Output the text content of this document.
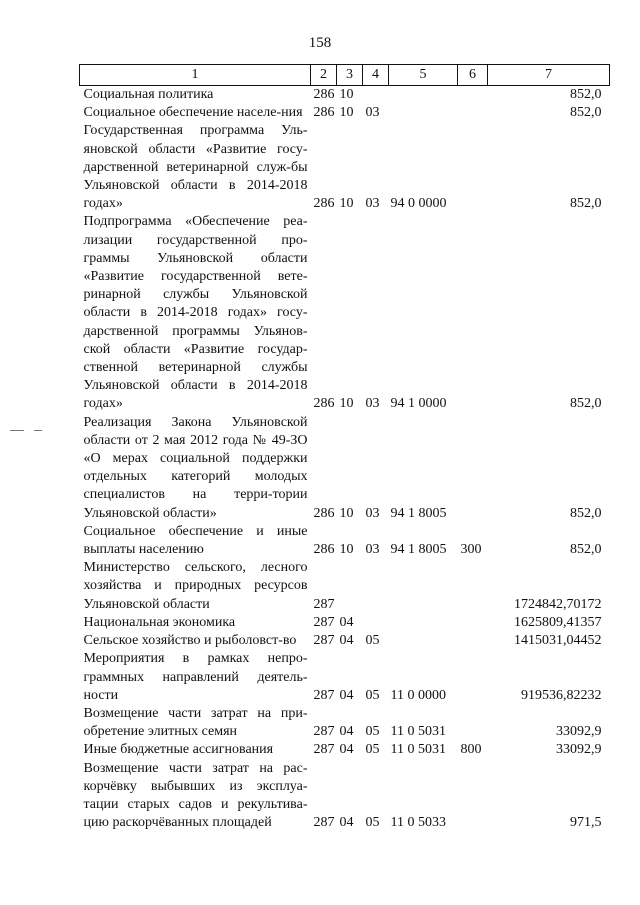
158
1	2	3	4	5	6	7
Социальная политика	286	10				852,0
Социальное обеспечение населе-ния	286	10	03			852,0
Государственная программа Уль-яновской области «Развитие госу-дарственной ветеринарной служ-бы Ульяновской области в 2014-2018 годах»	286	10	03	94 0 0000		852,0
Подпрограмма «Обеспечение реа-лизации государственной про-граммы Ульяновской области «Развитие государственной вете-ринарной службы Ульяновской области в 2014-2018 годах» госу-дарственной программы Ульянов-ской области «Развитие государ-ственной ветеринарной службы Ульяновской области в 2014-2018 годах»	286	10	03	94 1 0000		852,0
Реализация Закона Ульяновской области от 2 мая 2012 года № 49-ЗО «О мерах социальной поддержки отдельных категорий молодых специалистов на терри-тории Ульяновской области»	286	10	03	94 1 8005		852,0
Социальное обеспечение и иные выплаты населению	286	10	03	94 1 8005	300	852,0
Министерство сельского, лесного хозяйства и природных ресурсов Ульяновской области	287					1724842,70172
Национальная экономика	287	04				1625809,41357
Сельское хозяйство и рыболовст-во	287	04	05			1415031,04452
Мероприятия в рамках непро-граммных направлений деятель-ности	287	04	05	11 0 0000		919536,82232
Возмещение части затрат на при-обретение элитных семян	287	04	05	11 0 5031		33092,9
Иные бюджетные ассигнования	287	04	05	11 0 5031	800	33092,9
Возмещение части затрат на рас-корчёвку выбывших из эксплуа-тации старых садов и рекультива-цию раскорчёванных площадей	287	04	05	11 0 5033		971,5
